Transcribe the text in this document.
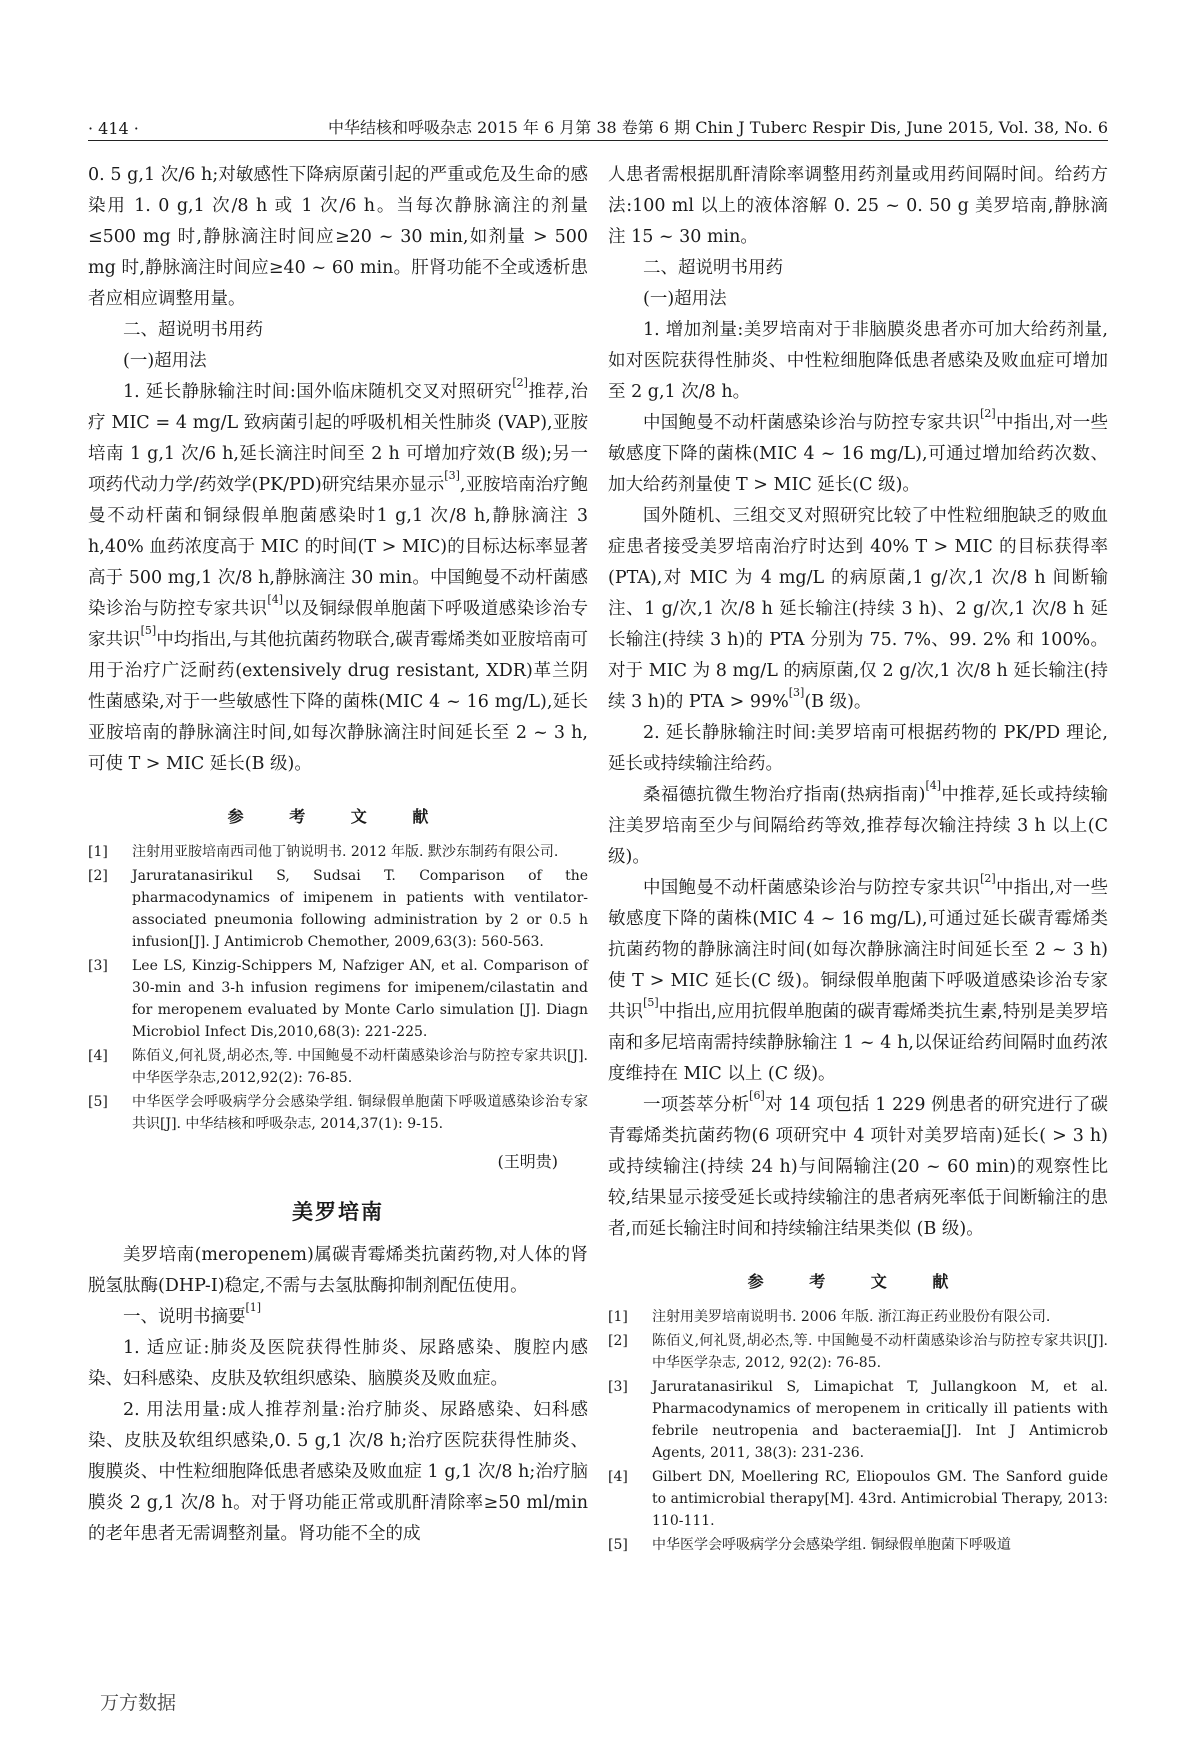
· 414 ·	中华结核和呼吸杂志 2015 年 6 月第 38 卷第 6 期 Chin J Tuberc Respir Dis, June 2015, Vol. 38, No. 6

0. 5 g,1 次/6 h;对敏感性下降病原菌引起的严重或危及生命的感染用 1. 0 g,1 次/8 h 或 1 次/6 h。当每次静脉滴注的剂量≤500 mg 时,静脉滴注时间应≥20 ~ 30 min,如剂量 > 500 mg 时,静脉滴注时间应≥40 ~ 60 min。肝肾功能不全或透析患者应相应调整用量。

二、超说明书用药

(一)超用法

1. 延长静脉输注时间:国外临床随机交叉对照研究[2]推荐,治疗 MIC = 4 mg/L 致病菌引起的呼吸机相关性肺炎 (VAP),亚胺培南 1 g,1 次/6 h,延长滴注时间至 2 h 可增加疗效(B 级);另一项药代动力学/药效学(PK/PD)研究结果亦显示[3],亚胺培南治疗鲍曼不动杆菌和铜绿假单胞菌感染时1 g,1 次/8 h,静脉滴注 3 h,40% 血药浓度高于 MIC 的时间(T > MIC)的目标达标率显著高于 500 mg,1 次/8 h,静脉滴注 30 min。中国鲍曼不动杆菌感染诊治与防控专家共识[4]以及铜绿假单胞菌下呼吸道感染诊治专家共识[5]中均指出,与其他抗菌药物联合,碳青霉烯类如亚胺培南可用于治疗广泛耐药(extensively drug resistant, XDR)革兰阴性菌感染,对于一些敏感性下降的菌株(MIC 4 ~ 16 mg/L),延长亚胺培南的静脉滴注时间,如每次静脉滴注时间延长至 2 ~ 3 h,可使 T > MIC 延长(B 级)。

参 考 文 献
[1]	注射用亚胺培南西司他丁钠说明书. 2012 年版. 默沙东制药有限公司.
[2]	Jaruratanasirikul S, Sudsai T. Comparison of the pharmacodynamics of imipenem in patients with ventilator-associated pneumonia following administration by 2 or 0.5 h infusion[J]. J Antimicrob Chemother, 2009,63(3): 560-563.
[3]	Lee LS, Kinzig-Schippers M, Nafziger AN, et al. Comparison of 30-min and 3-h infusion regimens for imipenem/cilastatin and for meropenem evaluated by Monte Carlo simulation [J]. Diagn Microbiol Infect Dis,2010,68(3): 221-225.
[4]	陈佰义,何礼贤,胡必杰,等. 中国鲍曼不动杆菌感染诊治与防控专家共识[J]. 中华医学杂志,2012,92(2): 76-85.
[5]	中华医学会呼吸病学分会感染学组. 铜绿假单胞菌下呼吸道感染诊治专家共识[J]. 中华结核和呼吸杂志, 2014,37(1): 9-15.
(王明贵)
美罗培南

美罗培南(meropenem)属碳青霉烯类抗菌药物,对人体的肾脱氢肽酶(DHP-Ⅰ)稳定,不需与去氢肽酶抑制剂配伍使用。

一、说明书摘要[1]

1. 适应证:肺炎及医院获得性肺炎、尿路感染、腹腔内感染、妇科感染、皮肤及软组织感染、脑膜炎及败血症。

2. 用法用量:成人推荐剂量:治疗肺炎、尿路感染、妇科感染、皮肤及软组织感染,0. 5 g,1 次/8 h;治疗医院获得性肺炎、腹膜炎、中性粒细胞降低患者感染及败血症 1 g,1 次/8 h;治疗脑膜炎 2 g,1 次/8 h。对于肾功能正常或肌酐清除率≥50 ml/min 的老年患者无需调整剂量。肾功能不全的成

人患者需根据肌酐清除率调整用药剂量或用药间隔时间。给药方法:100 ml 以上的液体溶解 0. 25 ~ 0. 50 g 美罗培南,静脉滴注 15 ~ 30 min。

二、超说明书用药

(一)超用法

1. 增加剂量:美罗培南对于非脑膜炎患者亦可加大给药剂量,如对医院获得性肺炎、中性粒细胞降低患者感染及败血症可增加至 2 g,1 次/8 h。

中国鲍曼不动杆菌感染诊治与防控专家共识[2]中指出,对一些敏感度下降的菌株(MIC 4 ~ 16 mg/L),可通过增加给药次数、加大给药剂量使 T > MIC 延长(C 级)。

国外随机、三组交叉对照研究比较了中性粒细胞缺乏的败血症患者接受美罗培南治疗时达到 40% T > MIC 的目标获得率(PTA),对 MIC 为 4 mg/L 的病原菌,1 g/次,1 次/8 h 间断输注、1 g/次,1 次/8 h 延长输注(持续 3 h)、2 g/次,1 次/8 h 延长输注(持续 3 h)的 PTA 分别为 75. 7%、99. 2% 和 100%。对于 MIC 为 8 mg/L 的病原菌,仅 2 g/次,1 次/8 h 延长输注(持续 3 h)的 PTA > 99%[3](B 级)。

2. 延长静脉输注时间:美罗培南可根据药物的 PK/PD 理论,延长或持续输注给药。

桑福德抗微生物治疗指南(热病指南)[4]中推荐,延长或持续输注美罗培南至少与间隔给药等效,推荐每次输注持续 3 h 以上(C 级)。

中国鲍曼不动杆菌感染诊治与防控专家共识[2]中指出,对一些敏感度下降的菌株(MIC 4 ~ 16 mg/L),可通过延长碳青霉烯类抗菌药物的静脉滴注时间(如每次静脉滴注时间延长至 2 ~ 3 h)使 T > MIC 延长(C 级)。铜绿假单胞菌下呼吸道感染诊治专家共识[5]中指出,应用抗假单胞菌的碳青霉烯类抗生素,特别是美罗培南和多尼培南需持续静脉输注 1 ~ 4 h,以保证给药间隔时血药浓度维持在 MIC 以上 (C 级)。

一项荟萃分析[6]对 14 项包括 1 229 例患者的研究进行了碳青霉烯类抗菌药物(6 项研究中 4 项针对美罗培南)延长( > 3 h)或持续输注(持续 24 h)与间隔输注(20 ~ 60 min)的观察性比较,结果显示接受延长或持续输注的患者病死率低于间断输注的患者,而延长输注时间和持续输注结果类似 (B 级)。

参 考 文 献
[1]	注射用美罗培南说明书. 2006 年版. 浙江海正药业股份有限公司.
[2]	陈佰义,何礼贤,胡必杰,等. 中国鲍曼不动杆菌感染诊治与防控专家共识[J]. 中华医学杂志, 2012, 92(2): 76-85.
[3]	Jaruratanasirikul S, Limapichat T, Jullangkoon M, et al. Pharmacodynamics of meropenem in critically ill patients with febrile neutropenia and bacteraemia[J]. Int J Antimicrob Agents, 2011, 38(3): 231-236.
[4]	Gilbert DN, Moellering RC, Eliopoulos GM. The Sanford guide to antimicrobial therapy[M]. 43rd. Antimicrobial Therapy, 2013: 110-111.
[5]	中华医学会呼吸病学分会感染学组. 铜绿假单胞菌下呼吸道
万方数据
